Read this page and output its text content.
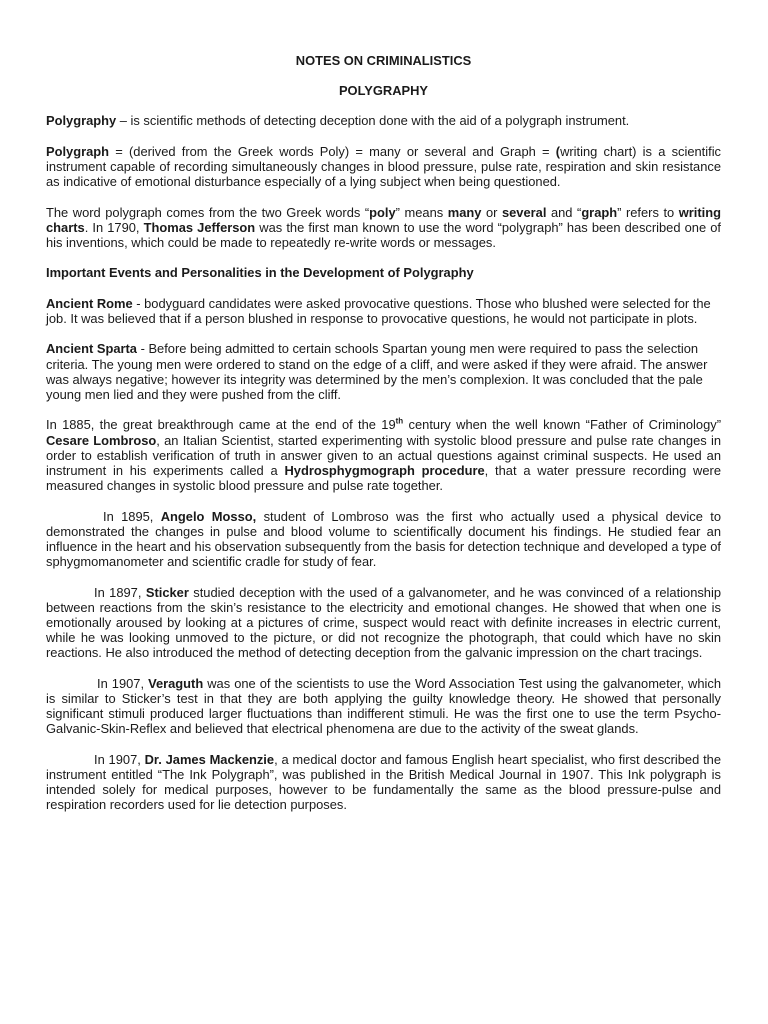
NOTES ON CRIMINALISTICS

POLYGRAPHY

Polygraphy – is scientific methods of detecting deception done with the aid of a polygraph instrument.

Polygraph = (derived from the Greek words Poly) = many or several and Graph = (writing chart) is a scientific instrument capable of recording simultaneously changes in blood pressure, pulse rate, respiration and skin resistance as indicative of emotional disturbance especially of a lying subject when being questioned.

The word polygraph comes from the two Greek words “poly” means many or several and “graph” refers to writing charts. In 1790, Thomas Jefferson was the first man known to use the word “polygraph” has been described one of his inventions, which could be made to repeatedly re-write words or messages.

Important Events and Personalities in the Development of Polygraphy

Ancient Rome - bodyguard candidates were asked provocative questions. Those who blushed were selected for the job. It was believed that if a person blushed in response to provocative questions, he would not participate in plots.

Ancient Sparta - Before being admitted to certain schools Spartan young men were required to pass the selection criteria. The young men were ordered to stand on the edge of a cliff, and were asked if they were afraid. The answer was always negative; however its integrity was determined by the men’s complexion. It was concluded that the pale young men lied and they were pushed from the cliff.

In 1885, the great breakthrough came at the end of the 19th century when the well known “Father of Criminology” Cesare Lombroso, an Italian Scientist, started experimenting with systolic blood pressure and pulse rate changes in order to establish verification of truth in answer given to an actual questions against criminal suspects. He used an instrument in his experiments called a Hydrosphygmograph procedure, that a water pressure recording were measured changes in systolic blood pressure and pulse rate together.

In 1895, Angelo Mosso, student of Lombroso was the first who actually used a physical device to demonstrated the changes in pulse and blood volume to scientifically document his findings. He studied fear an influence in the heart and his observation subsequently from the basis for detection technique and developed a type of sphygmomanometer and scientific cradle for study of fear.

In 1897, Sticker studied deception with the used of a galvanometer, and he was convinced of a relationship between reactions from the skin’s resistance to the electricity and emotional changes. He showed that when one is emotionally aroused by looking at a pictures of crime, suspect would react with definite increases in electric current, while he was looking unmoved to the picture, or did not recognize the photograph, that could which have no skin reactions. He also introduced the method of detecting deception from the galvanic impression on the chart tracings.

In 1907, Veraguth was one of the scientists to use the Word Association Test using the galvanometer, which is similar to Sticker’s test in that they are both applying the guilty knowledge theory. He showed that personally significant stimuli produced larger fluctuations than indifferent stimuli. He was the first one to use the term Psycho-Galvanic-Skin-Reflex and believed that electrical phenomena are due to the activity of the sweat glands.

In 1907, Dr. James Mackenzie, a medical doctor and famous English heart specialist, who first described the instrument entitled “The Ink Polygraph”, was published in the British Medical Journal in 1907. This Ink polygraph is intended solely for medical purposes, however to be fundamentally the same as the blood pressure-pulse and respiration recorders used for lie detection purposes.
